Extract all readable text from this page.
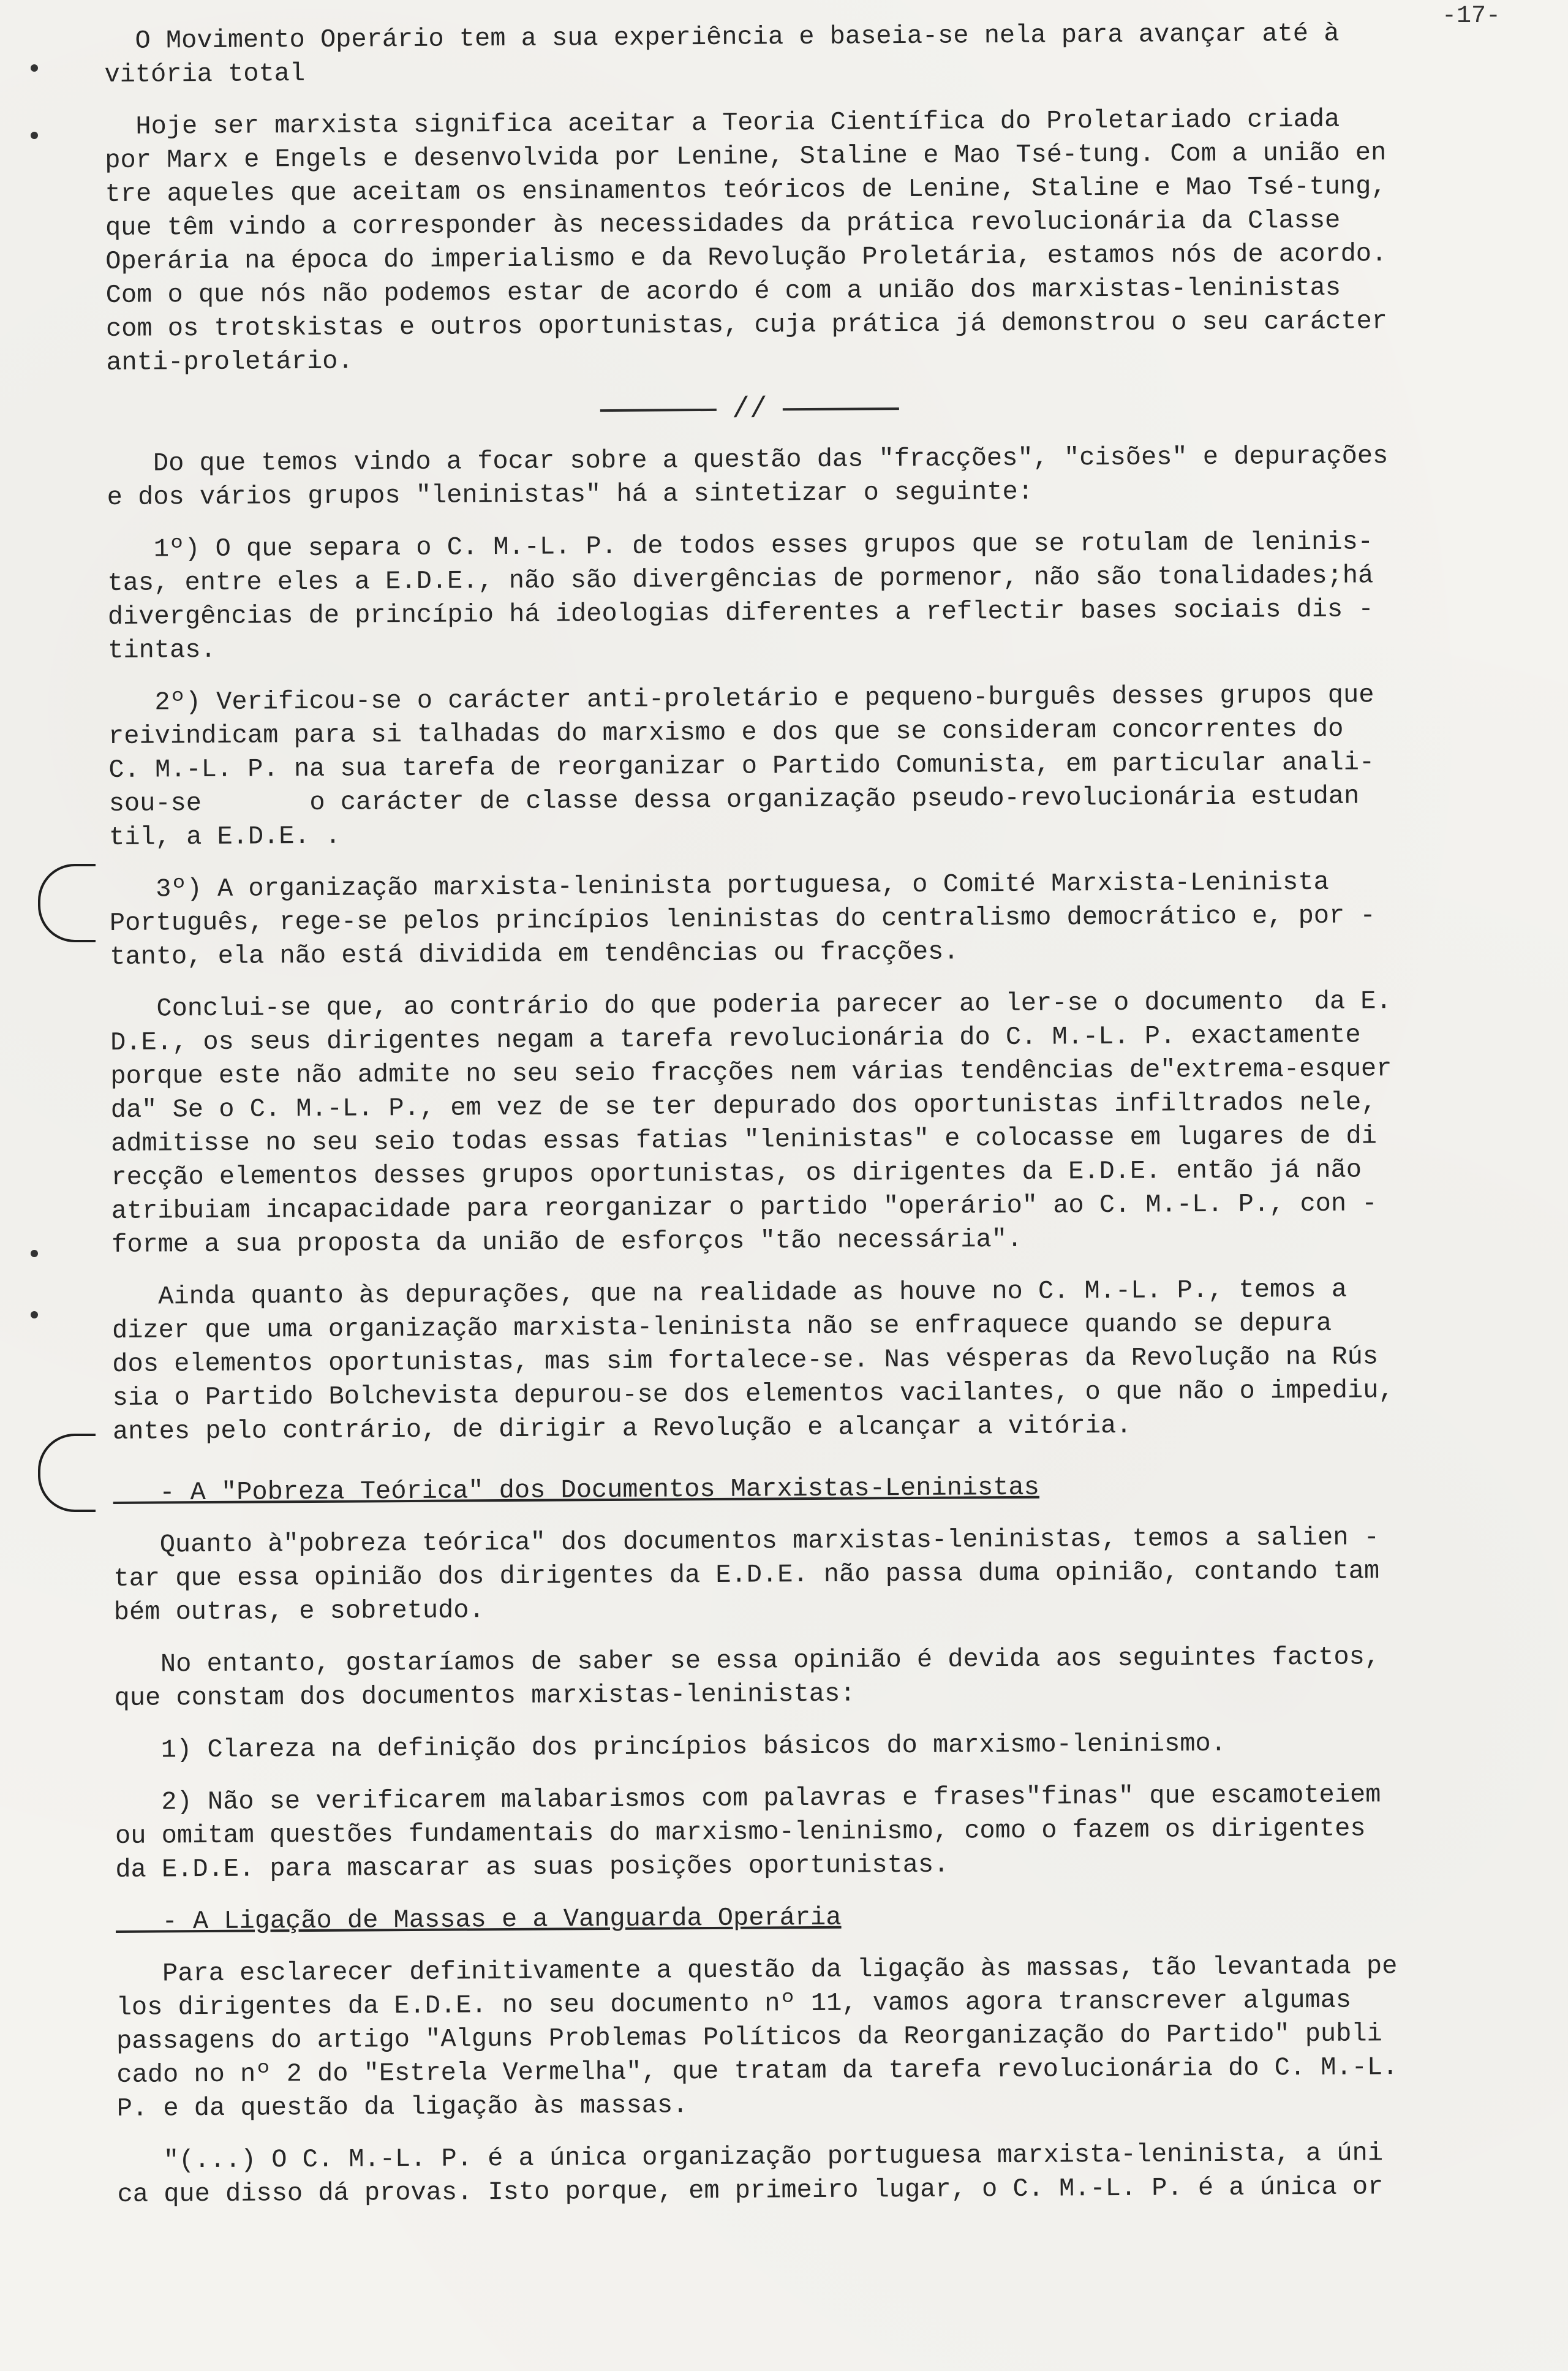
-17-

O Movimento Operário tem a sua experiência e baseia-se nela para avançar até à

vitória total

Hoje ser marxista significa aceitar a Teoria Científica do Proletariado criada

por Marx e Engels e desenvolvida por Lenine, Staline e Mao Tsé-tung. Com a união en

tre aqueles que aceitam os ensinamentos teóricos de Lenine, Staline e Mao Tsé-tung,

que têm vindo a corresponder às necessidades da prática revolucionária da Classe

Operária na época do imperialismo e da Revolução Proletária, estamos nós de acordo.

Com o que nós não podemos estar de acordo é com a união dos marxistas-leninistas

com os trotskistas e outros oportunistas, cuja prática já demonstrou o seu carácter

anti-proletário.

//

Do que temos vindo a focar sobre a questão das "fracções", "cisões" e depurações

e dos vários grupos "leninistas" há a sintetizar o seguinte:

1º) O que separa o C. M.-L. P. de todos esses grupos que se rotulam de leninis-

tas, entre eles a E.D.E., não são divergências de pormenor, não são tonalidades;há

divergências de princípio há ideologias diferentes a reflectir bases sociais dis -

tintas.

2º) Verificou-se o carácter anti-proletário e pequeno-burguês desses grupos que

reivindicam para si talhadas do marxismo e dos que se consideram concorrentes do

C. M.-L. P. na sua tarefa de reorganizar o Partido Comunista, em particular anali-

sou-se       o carácter de classe dessa organização pseudo-revolucionária estudan

til, a E.D.E. .

3º) A organização marxista-leninista portuguesa, o Comité Marxista-Leninista

Português, rege-se pelos princípios leninistas do centralismo democrático e, por -

tanto, ela não está dividida em tendências ou fracções.

Conclui-se que, ao contrário do que poderia parecer ao ler-se o documento  da E.

D.E., os seus dirigentes negam a tarefa revolucionária do C. M.-L. P. exactamente

porque este não admite no seu seio fracções nem várias tendências de"extrema-esquer

da" Se o C. M.-L. P., em vez de se ter depurado dos oportunistas infiltrados nele,

admitisse no seu seio todas essas fatias "leninistas" e colocasse em lugares de di

recção elementos desses grupos oportunistas, os dirigentes da E.D.E. então já não

atribuiam incapacidade para reorganizar o partido "operário" ao C. M.-L. P., con -

forme a sua proposta da união de esforços "tão necessária".

Ainda quanto às depurações, que na realidade as houve no C. M.-L. P., temos a

dizer que uma organização marxista-leninista não se enfraquece quando se depura

dos elementos oportunistas, mas sim fortalece-se. Nas vésperas da Revolução na Rús

sia o Partido Bolchevista depurou-se dos elementos vacilantes, o que não o impediu,

antes pelo contrário, de dirigir a Revolução e alcançar a vitória.

- A "Pobreza Teórica" dos Documentos Marxistas-Leninistas

Quanto à"pobreza teórica" dos documentos marxistas-leninistas, temos a salien -

tar que essa opinião dos dirigentes da E.D.E. não passa duma opinião, contando tam

bém outras, e sobretudo.

No entanto, gostaríamos de saber se essa opinião é devida aos seguintes factos,

que constam dos documentos marxistas-leninistas:

1) Clareza na definição dos princípios básicos do marxismo-leninismo.

2) Não se verificarem malabarismos com palavras e frases"finas" que escamoteiem

ou omitam questões fundamentais do marxismo-leninismo, como o fazem os dirigentes

da E.D.E. para mascarar as suas posições oportunistas.

- A Ligação de Massas e a Vanguarda Operária

Para esclarecer definitivamente a questão da ligação às massas, tão levantada pe

los dirigentes da E.D.E. no seu documento nº 11, vamos agora transcrever algumas

passagens do artigo "Alguns Problemas Políticos da Reorganização do Partido" publi

cado no nº 2 do "Estrela Vermelha", que tratam da tarefa revolucionária do C. M.-L.

P. e da questão da ligação às massas.

"(...) O C. M.-L. P. é a única organização portuguesa marxista-leninista, a úni

ca que disso dá provas. Isto porque, em primeiro lugar, o C. M.-L. P. é a única or
